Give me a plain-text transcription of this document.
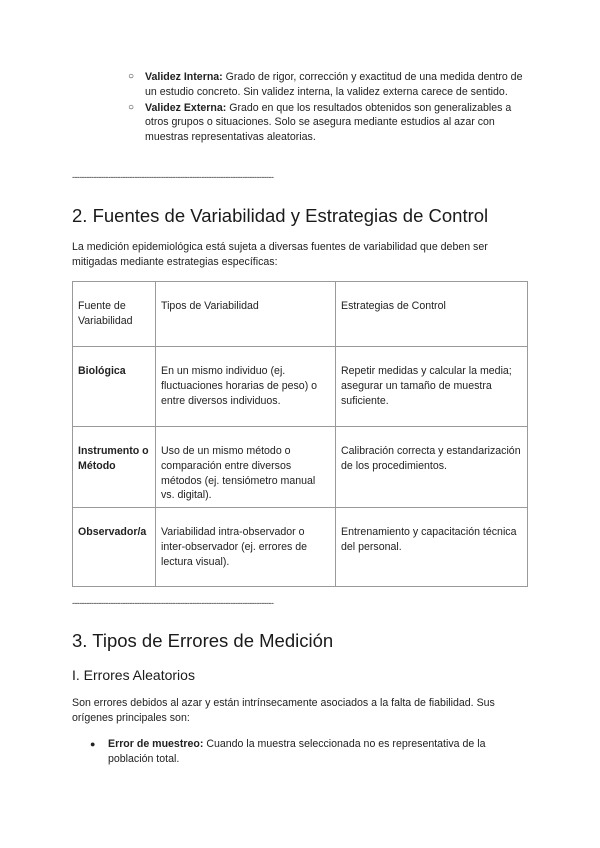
○ Validez Interna: Grado de rigor, corrección y exactitud de una medida dentro de un estudio concreto. Sin validez interna, la validez externa carece de sentido.
○ Validez Externa: Grado en que los resultados obtenidos son generalizables a otros grupos o situaciones. Solo se asegura mediante estudios al azar con muestras representativas aleatorias.
------------------------------------------------------------------------------------
2. Fuentes de Variabilidad y Estrategias de Control

La medición epidemiológica está sujeta a diversas fuentes de variabilidad que deben ser mitigadas mediante estrategias específicas:

Fuente de Variabilidad	Tipos de Variabilidad	Estrategias de Control
Biológica	En un mismo individuo (ej. fluctuaciones horarias de peso) o entre diversos individuos.	Repetir medidas y calcular la media; asegurar un tamaño de muestra suficiente.
Instrumento o Método	Uso de un mismo método o comparación entre diversos métodos (ej. tensiómetro manual vs. digital).	Calibración correcta y estandarización de los procedimientos.
Observador/a	Variabilidad intra-observador o inter-observador (ej. errores de lectura visual).	Entrenamiento y capacitación técnica del personal.
------------------------------------------------------------------------------------
3. Tipos de Errores de Medición
I. Errores Aleatorios

Son errores debidos al azar y están intrínsecamente asociados a la falta de fiabilidad. Sus orígenes principales son:

● Error de muestreo: Cuando la muestra seleccionada no es representativa de la población total.
